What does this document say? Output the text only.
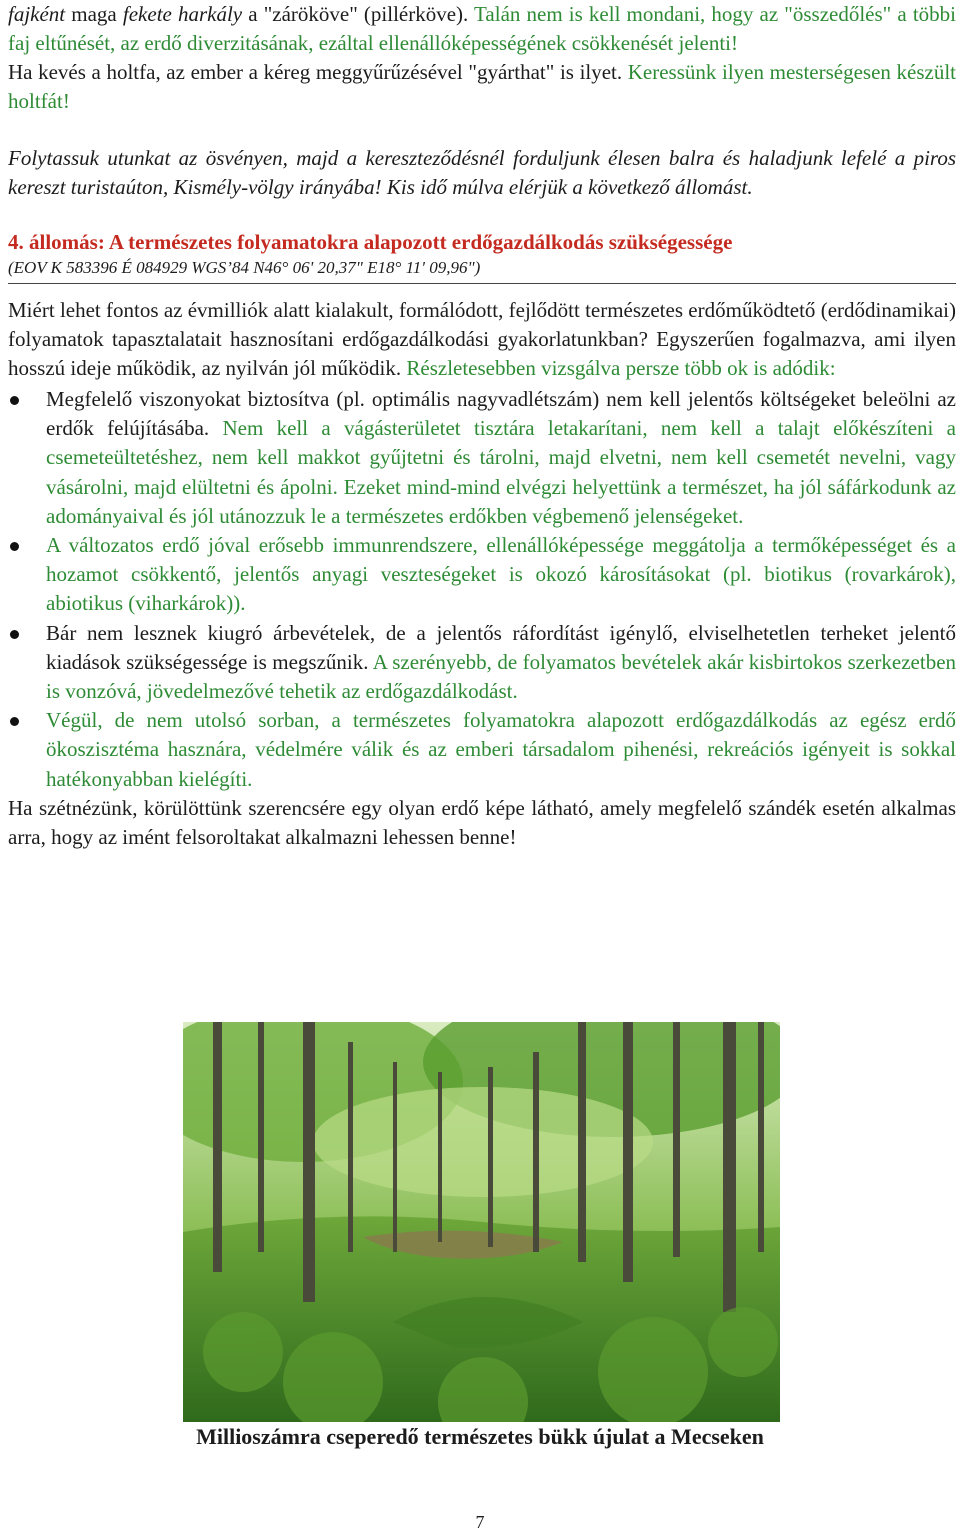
fajként maga fekete harkály a "zárököve" (pillérköve). Talán nem is kell mondani, hogy az "összedőlés" a többi faj eltűnését, az erdő diverzitásának, ezáltal ellenállóképességének csökkenését jelenti!
Ha kevés a holtfa, az ember a kéreg meggyűrűzésével "gyárthat" is ilyet. Keressünk ilyen mesterségesen készült holtfát!

Folytassuk utunkat az ösvényen, majd a kereszteződésnél forduljunk élesen balra és haladjunk lefelé a piros kereszt turistaúton, Kismély-völgy irányába! Kis idő múlva elérjük a következő állomást.

4. állomás: A természetes folyamatokra alapozott erdőgazdálkodás szükségessége

(EOV K 583396 É 084929 WGS’84 N46° 06' 20,37" E18° 11' 09,96")

Miért lehet fontos az évmilliók alatt kialakult, formálódott, fejlődött természetes erdőműködtető (erdődinamikai) folyamatok tapasztalatait hasznosítani erdőgazdálkodási gyakorlatunkban? Egyszerűen fogalmazva, ami ilyen hosszú ideje működik, az nyilván jól működik. Részletesebben vizsgálva persze több ok is adódik:

Megfelelő viszonyokat biztosítva (pl. optimális nagyvadlétszám) nem kell jelentős költségeket beleölni az erdők felújításába. Nem kell a vágásterületet tisztára letakarítani, nem kell a talajt előkészíteni a csemeteültetéshez, nem kell makkot gyűjtetni és tárolni, majd elvetni, nem kell csemetét nevelni, vagy vásárolni, majd elültetni és ápolni. Ezeket mind-mind elvégzi helyettünk a természet, ha jól sáfárkodunk az adományaival és jól utánozzuk le a természetes erdőkben végbemenő jelenségeket.
A változatos erdő jóval erősebb immunrendszere, ellenállóképessége meggátolja a termőképességet és a hozamot csökkentő, jelentős anyagi veszteségeket is okozó károsításokat (pl. biotikus (rovarkárok), abiotikus (viharkárok)).
Bár nem lesznek kiugró árbevételek, de a jelentős ráfordítást igénylő, elviselhetetlen terheket jelentő kiadások szükségessége is megszűnik. A szerényebb, de folyamatos bevételek akár kisbirtokos szerkezetben is vonzóvá, jövedelmezővé tehetik az erdőgazdálkodást.
Végül, de nem utolsó sorban, a természetes folyamatokra alapozott erdőgazdálkodás az egész erdő ökoszisztéma hasznára, védelmére válik és az emberi társadalom pihenési, rekreációs igényeit is sokkal hatékonyabban kielégíti.

Ha szétnézünk, körülöttünk szerencsére egy olyan erdő képe látható, amely megfelelő szándék esetén alkalmas arra, hogy az imént felsoroltakat alkalmazni lehessen benne!

Millioszámra cseperedő természetes bükk újulat a Mecseken

7
